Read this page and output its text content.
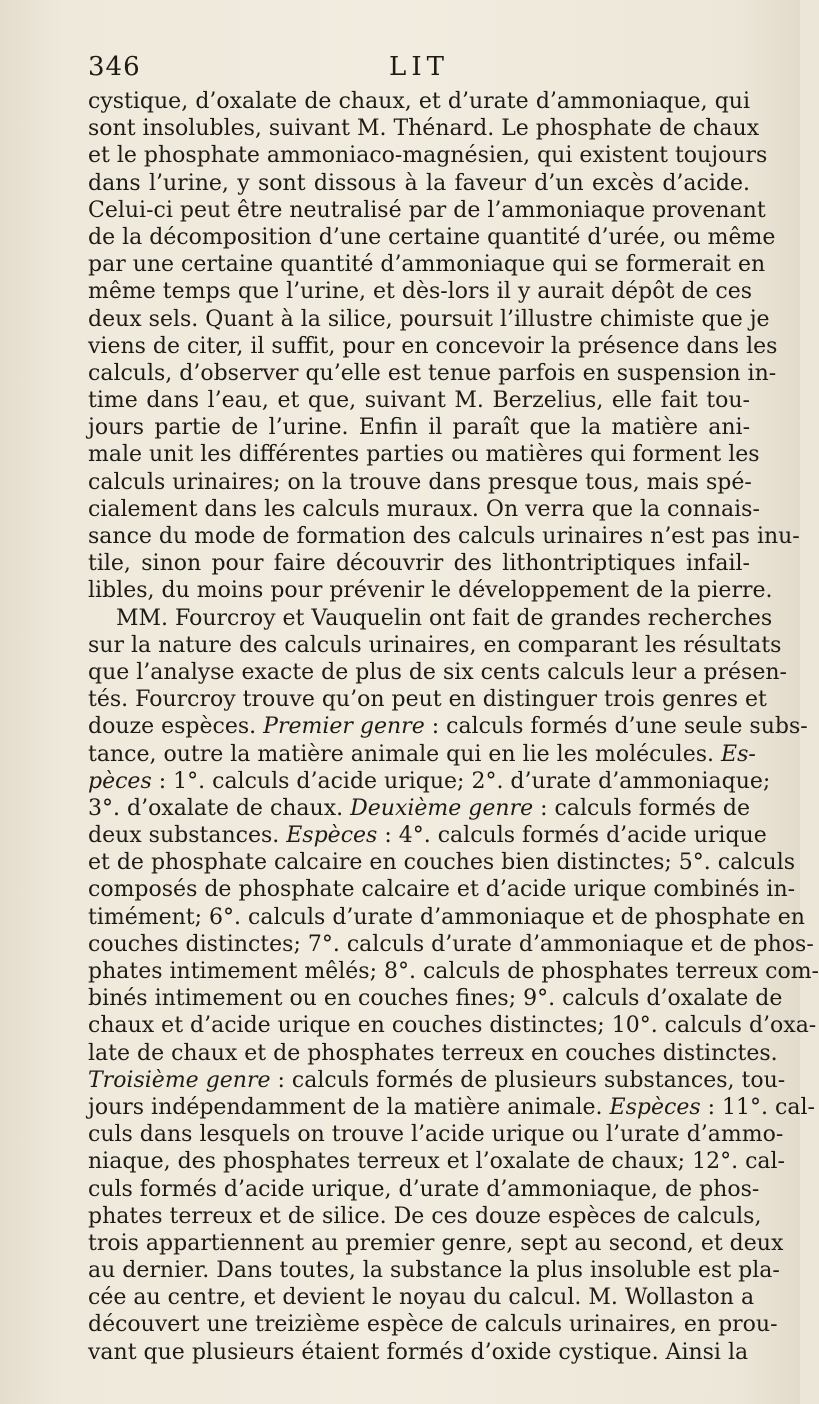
346	LIT
cystique, d’oxalate de chaux, et d’urate d’ammoniaque, qui
sont insolubles, suivant M. Thénard. Le phosphate de chaux
et le phosphate ammoniaco-magnésien, qui existent toujours
dans l’urine, y sont dissous à la faveur d’un excès d’acide.
Celui-ci peut être neutralisé par de l’ammoniaque provenant
de la décomposition d’une certaine quantité d’urée, ou même
par une certaine quantité d’ammoniaque qui se formerait en
même temps que l’urine, et dès-lors il y aurait dépôt de ces
deux sels. Quant à la silice, poursuit l’illustre chimiste que je
viens de citer, il suffit, pour en concevoir la présence dans les
calculs, d’observer qu’elle est tenue parfois en suspension in-
time dans l’eau, et que, suivant M. Berzelius, elle fait tou-
jours partie de l’urine. Enfin il paraît que la matière ani-
male unit les différentes parties ou matières qui forment les
calculs urinaires; on la trouve dans presque tous, mais spé-
cialement dans les calculs muraux. On verra que la connais-
sance du mode de formation des calculs urinaires n’est pas inu-
tile, sinon pour faire découvrir des lithontriptiques infail-
libles, du moins pour prévenir le développement de la pierre.
MM. Fourcroy et Vauquelin ont fait de grandes recherches
sur la nature des calculs urinaires, en comparant les résultats
que l’analyse exacte de plus de six cents calculs leur a présen-
tés. Fourcroy trouve qu’on peut en distinguer trois genres et
douze espèces. Premier genre : calculs formés d’une seule subs-
tance, outre la matière animale qui en lie les molécules. Es-
pèces : 1°. calculs d’acide urique; 2°. d’urate d’ammoniaque;
3°. d’oxalate de chaux. Deuxième genre : calculs formés de
deux substances. Espèces : 4°. calculs formés d’acide urique
et de phosphate calcaire en couches bien distinctes; 5°. calculs
composés de phosphate calcaire et d’acide urique combinés in-
timément; 6°. calculs d’urate d’ammoniaque et de phosphate en
couches distinctes; 7°. calculs d’urate d’ammoniaque et de phos-
phates intimement mêlés; 8°. calculs de phosphates terreux com-
binés intimement ou en couches fines; 9°. calculs d’oxalate de
chaux et d’acide urique en couches distinctes; 10°. calculs d’oxa-
late de chaux et de phosphates terreux en couches distinctes.
Troisième genre : calculs formés de plusieurs substances, tou-
jours indépendamment de la matière animale. Espèces : 11°. cal-
culs dans lesquels on trouve l’acide urique ou l’urate d’ammo-
niaque, des phosphates terreux et l’oxalate de chaux; 12°. cal-
culs formés d’acide urique, d’urate d’ammoniaque, de phos-
phates terreux et de silice. De ces douze espèces de calculs,
trois appartiennent au premier genre, sept au second, et deux
au dernier. Dans toutes, la substance la plus insoluble est pla-
cée au centre, et devient le noyau du calcul. M. Wollaston a
découvert une treizième espèce de calculs urinaires, en prou-
vant que plusieurs étaient formés d’oxide cystique. Ainsi la
